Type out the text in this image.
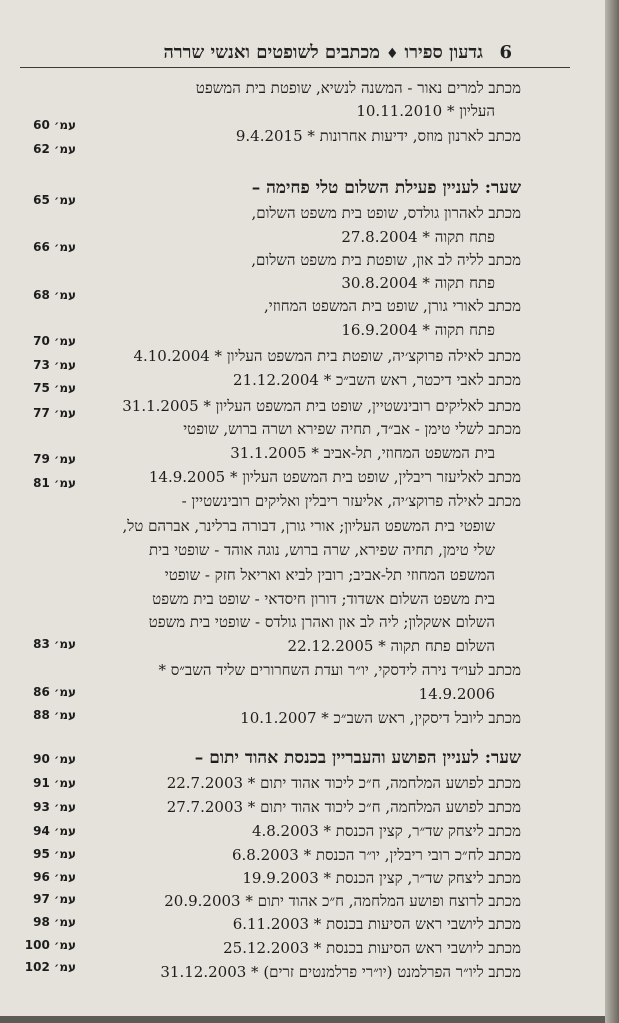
6
גדעון ספירו♦מכתבים לשופטים ואנשי שררה
מכתב למרים נאור - המשנה לנשיא, שופטת בית המשפט
העליון * 10.11.2010
מכתב לארנון מוזס, ידיעות אחרונות * 9.4.2015
שער: לעניין פעילת השלום טלי פחימה –
מכתב לאהרון גולדס, שופט בית משפט השלום,
פתח תקוה * 27.8.2004
מכתב לליה לב און, שופטת בית משפט השלום,
פתח תקוה * 30.8.2004
מכתב לאורי גורן, שופט בית המשפט המחוזי,
פתח תקוה * 16.9.2004
מכתב לאילה פרוקצ׳יה, שופטת בית המשפט העליון * 4.10.2004
מכתב לאבי דיכטר, ראש השב״כ * 21.12.2004
מכתב לאליקים רובינשטיין, שופט בית המשפט העליון * 31.1.2005
מכתב לשלי טימן - אב״ד, תחיה שפירא ושרה ברוש, שופטי
בית המשפט המחוזי, תל-אביב * 31.1.2005
מכתב לאליעזר ריבלין, שופט בית המשפט העליון * 14.9.2005
מכתב לאילה פרוקצ׳יה, אליעזר ריבלין ואליקים רובינשטיין -
שופטי בית המשפט העליון; אורי גורן, דבורה ברלינר, אברהם טל,
שלי טימן, תחיה שפירא, שרה ברוש, נוגה אוהד - שופטי בית
המשפט המחוזי תל-אביב; רובין לביא ואריאל חזק - שופטי
בית משפט השלום אשדוד; דורון חיסדאי - שופט בית משפט
השלום אשקלון; ליה לב און ואהרן גולדס - שופטי בית משפט
השלום פתח תקוה * 22.12.2005
מכתב לעו״ד נירה לידסקי, יו״ר ועדת השחרורים שליד השב״ס *
14.9.2006
מכתב ליובל דיסקין, ראש השב״כ * 10.1.2007
שער: לעניין הפושע והעבריין בכנסת אהוד יתום –
מכתב לפושע המלחמה, ח״כ ליכוד אהוד יתום * 22.7.2003
מכתב לפושע המלחמה, ח״כ ליכוד אהוד יתום * 27.7.2003
מכתב ליצחק שד״ר, קצין הכנסת * 4.8.2003
מכתב לח״כ רובי ריבלין, יו״ר הכנסת * 6.8.2003
מכתב ליצחק שד״ר, קצין הכנסת * 19.9.2003
מכתב לרוצח ופושע המלחמה, ח״כ אהוד יתום * 20.9.2003
מכתב ליושבי ראש הסיעות בכנסת * 6.11.2003
מכתב ליושבי ראש הסיעות בכנסת * 25.12.2003
מכתב ליו״ר הפרלמנט (יו״רי פרלמנטים זרים) * 31.12.2003
עמ׳ 60
עמ׳ 62
עמ׳ 65
עמ׳ 66
עמ׳ 68
עמ׳ 70
עמ׳ 73
עמ׳ 75
עמ׳ 77
עמ׳ 79
עמ׳ 81
עמ׳ 83
עמ׳ 86
עמ׳ 88
עמ׳ 90
עמ׳ 91
עמ׳ 93
עמ׳ 94
עמ׳ 95
עמ׳ 96
עמ׳ 97
עמ׳ 98
עמ׳ 100
עמ׳ 102
